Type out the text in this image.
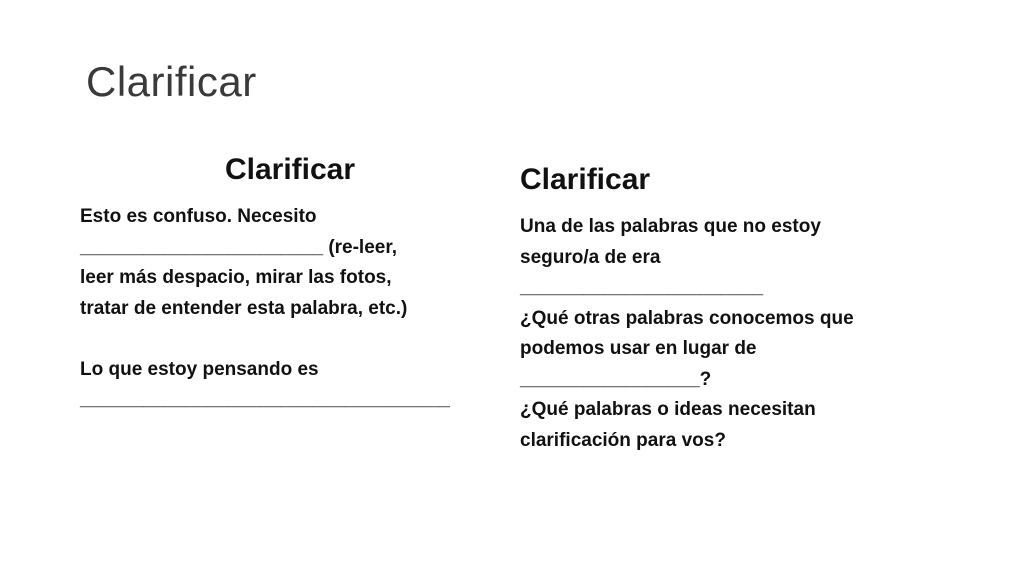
Clarificar
Clarificar
Esto es confuso. Necesito
_______________________ (re-leer,
leer más despacio, mirar las fotos,
tratar de entender esta palabra, etc.)
Lo que estoy pensando es
___________________________________
Clarificar
Una de las palabras que no estoy
seguro/a de era
_______________________
¿Qué otras palabras conocemos que
podemos usar en lugar de
_________________?
¿Qué palabras o ideas necesitan
clarificación para vos?
